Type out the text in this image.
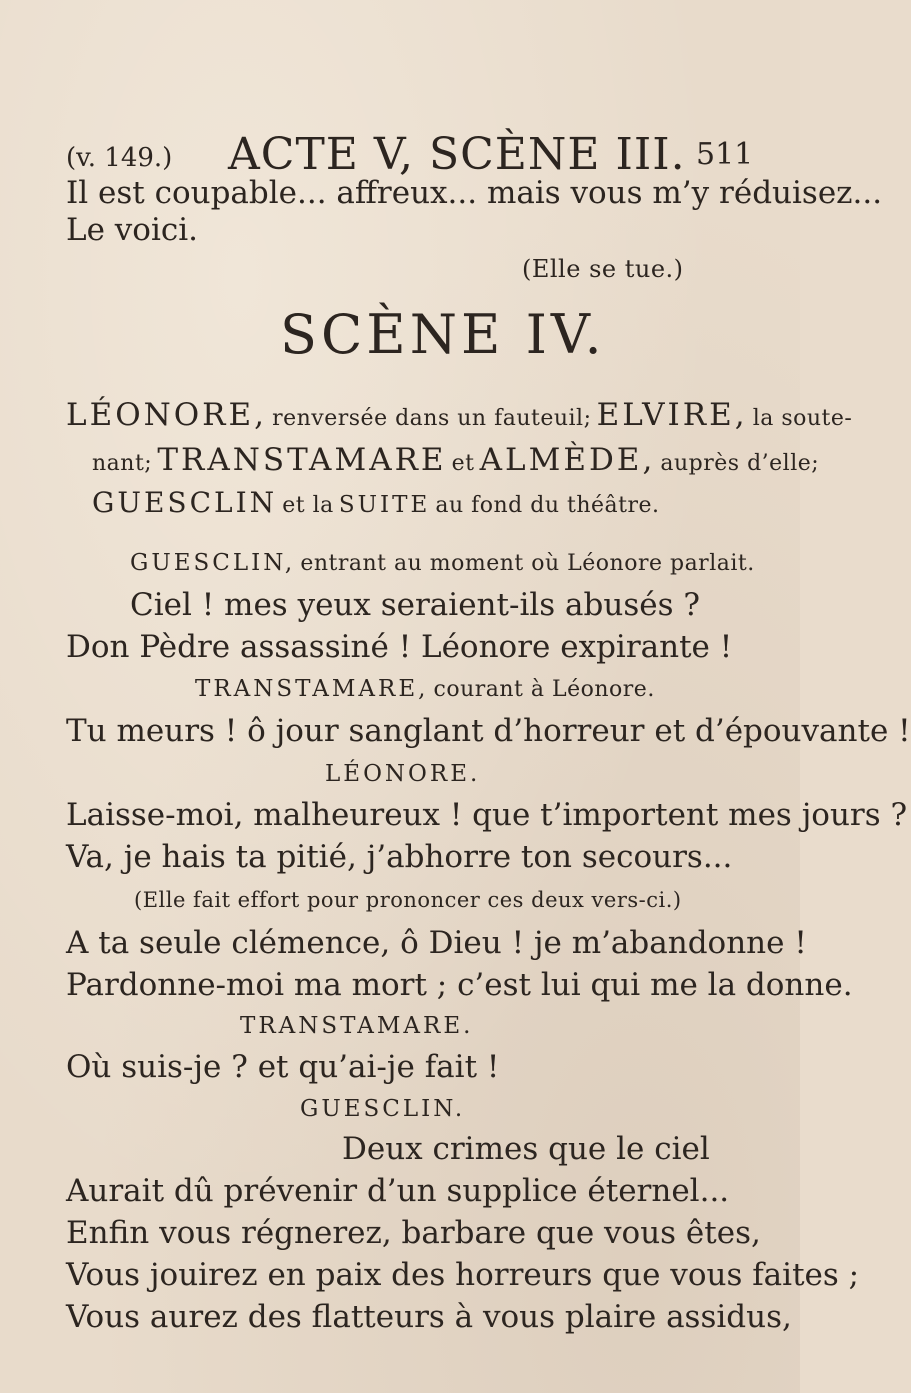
(v. 149.) ACTE V, SCÈNE III. 511
Il est coupable... affreux... mais vous m’y réduisez...
Le voici.
(Elle se tue.)
SCÈNE IV.
LÉONORE, renversée dans un fauteuil; ELVIRE, la soute-
nant; TRANSTAMARE et ALMÈDE, auprès d’elle;
GUESCLIN et la SUITE au fond du théâtre.
GUESCLIN, entrant au moment où Léonore parlait.
Ciel ! mes yeux seraient-ils abusés ?
Don Pèdre assassiné ! Léonore expirante !
TRANSTAMARE, courant à Léonore.
Tu meurs ! ô jour sanglant d’horreur et d’épouvante !
LÉONORE.
Laisse-moi, malheureux ! que t’importent mes jours ?
Va, je hais ta pitié, j’abhorre ton secours...
(Elle fait effort pour prononcer ces deux vers-ci.)
A ta seule clémence, ô Dieu ! je m’abandonne !
Pardonne-moi ma mort ; c’est lui qui me la donne.
TRANSTAMARE.
Où suis-je ? et qu’ai-je fait !
GUESCLIN.
Deux crimes que le ciel
Aurait dû prévenir d’un supplice éternel...
Enfin vous régnerez, barbare que vous êtes,
Vous jouirez en paix des horreurs que vous faites ;
Vous aurez des flatteurs à vous plaire assidus,
